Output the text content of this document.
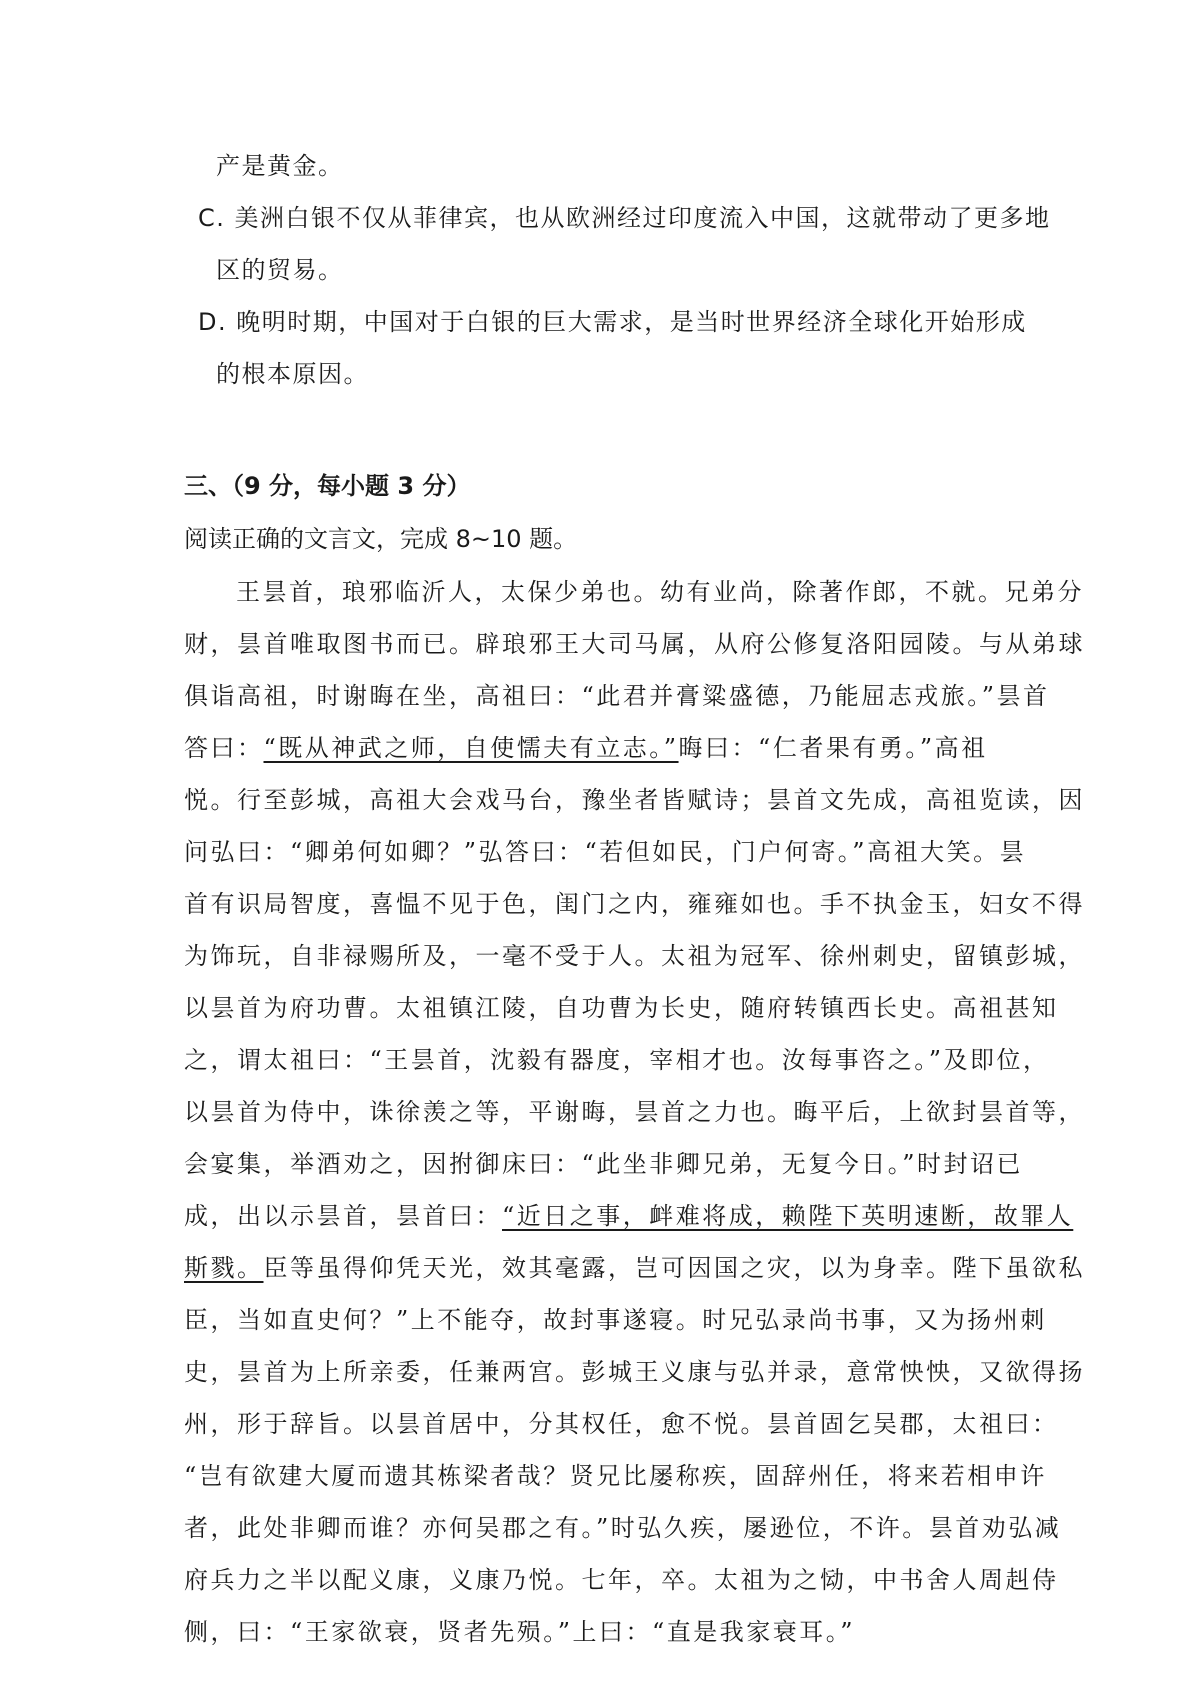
产是黄金。
C. 美洲白银不仅从菲律宾，也从欧洲经过印度流入中国，这就带动了更多地
区的贸易。
D. 晚明时期，中国对于白银的巨大需求，是当时世界经济全球化开始形成
的根本原因。
三、（9 分，每小题 3 分）
阅读正确的文言文，完成 8~10 题。
王昙首，琅邪临沂人，太保少弟也。幼有业尚，除著作郎，不就。兄弟分
财，昙首唯取图书而已。辟琅邪王大司马属，从府公修复洛阳园陵。与从弟球
俱诣高祖，时谢晦在坐，高祖曰：“此君并膏粱盛德，乃能屈志戎旅。”昙首
答曰：“既从神武之师，自使懦夫有立志。”晦曰：“仁者果有勇。”高祖
悦。行至彭城，高祖大会戏马台，豫坐者皆赋诗；昙首文先成，高祖览读，因
问弘曰：“卿弟何如卿？”弘答曰：“若但如民，门户何寄。”高祖大笑。昙
首有识局智度，喜愠不见于色，闺门之内，雍雍如也。手不执金玉，妇女不得
为饰玩，自非禄赐所及，一毫不受于人。太祖为冠军、徐州刺史，留镇彭城，
以昙首为府功曹。太祖镇江陵，自功曹为长史，随府转镇西长史。高祖甚知
之，谓太祖曰：“王昙首，沈毅有器度，宰相才也。汝每事咨之。”及即位，
以昙首为侍中，诛徐羡之等，平谢晦，昙首之力也。晦平后，上欲封昙首等，
会宴集，举酒劝之，因拊御床曰：“此坐非卿兄弟，无复今日。”时封诏已
成，出以示昙首，昙首曰：“近日之事，衅难将成，赖陛下英明速断，故罪人
斯戮。臣等虽得仰凭天光，效其毫露，岂可因国之灾，以为身幸。陛下虽欲私
臣，当如直史何？”上不能夺，故封事遂寝。时兄弘录尚书事，又为扬州刺
史，昙首为上所亲委，任兼两宫。彭城王义康与弘并录，意常怏怏，又欲得扬
州，形于辞旨。以昙首居中，分其权任，愈不悦。昙首固乞吴郡，太祖曰：
“岂有欲建大厦而遗其栋梁者哉？贤兄比屡称疾，固辞州任，将来若相申许
者，此处非卿而谁？亦何吴郡之有。”时弘久疾，屡逊位，不许。昙首劝弘减
府兵力之半以配义康，义康乃悦。七年，卒。太祖为之恸，中书舍人周赳侍
侧，曰：“王家欲衰，贤者先殒。”上曰：“直是我家衰耳。”
